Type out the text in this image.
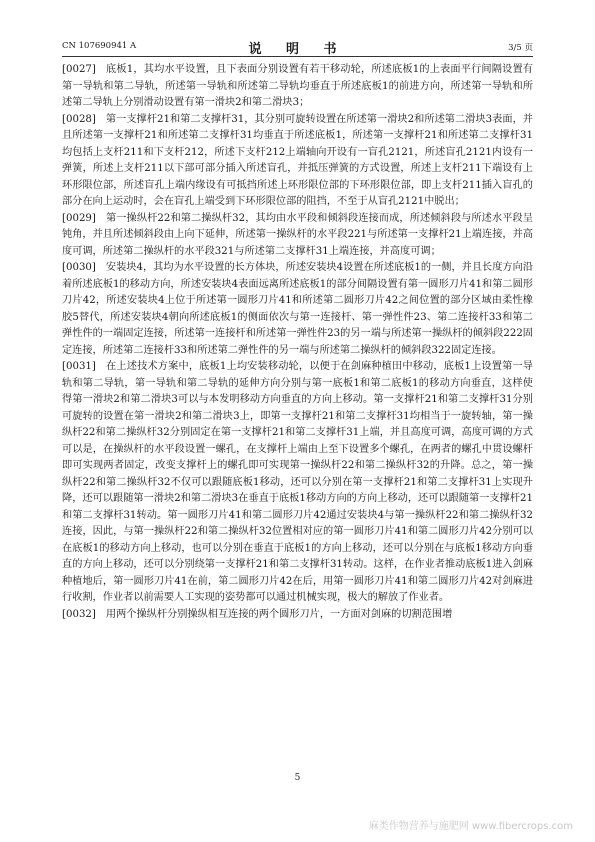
CN 107690941 A	说 明 书	3/5 页

[0027] 底板1，其均水平设置，且下表面分别设置有若干移动轮，所述底板1的上表面平行间隔设置有第一导轨和第二导轨，所述第一导轨和所述第二导轨均垂直于所述底板1的前进方向，所述第一导轨和所述第二导轨上分别滑动设置有第一滑块2和第二滑块3；

[0028] 第一支撑杆21和第二支撑杆31，其分别可旋转设置在所述第一滑块2和所述第二滑块3表面，并且所述第一支撑杆21和所述第二支撑杆31均垂直于所述底板1，所述第一支撑杆21和所述第二支撑杆31均包括上支杆211和下支杆212，所述下支杆212上端轴向开设有一盲孔2121，所述盲孔2121内设有一弹簧，所述上支杆211以下部可部分插入所述盲孔，并抵压弹簧的方式设置，所述上支杆211下端设有上环形限位部，所述盲孔上端内缘设有可抵挡所述上环形限位部的下环形限位部，即上支杆211插入盲孔的部分在向上运动时，会在盲孔上端受到下环形限位部的阻挡，不至于从盲孔2121中脱出；

[0029] 第一操纵杆22和第二操纵杆32，其均由水平段和倾斜段连接而成，所述倾斜段与所述水平段呈钝角，并且所述倾斜段由上向下延伸，所述第一操纵杆的水平段221与所述第一支撑杆21上端连接，并高度可调，所述第二操纵杆的水平段321与所述第二支撑杆31上端连接，并高度可调；

[0030] 安装块4，其均为水平设置的长方体块，所述安装块4设置在所述底板1的一侧，并且长度方向沿着所述底板1的移动方向，所述安装块4表面远离所述底板1的部分间隔设置有第一圆形刀片41和第二圆形刀片42，所述安装块4上位于所述第一圆形刀片41和所述第二圆形刀片42之间位置的部分区域由柔性橡胶5替代，所述安装块4朝向所述底板1的侧面依次与第一连接杆、第一弹性件23、第二连接杆33和第二弹性件的一端固定连接，所述第一连接杆和所述第一弹性件23的另一端与所述第一操纵杆的倾斜段222固定连接，所述第二连接杆33和所述第二弹性件的另一端与所述第二操纵杆的倾斜段322固定连接。

[0031] 在上述技术方案中，底板1上均安装移动轮，以便于在剑麻种植田中移动，底板1上设置第一导轨和第二导轨，第一导轨和第二导轨的延伸方向分别与第一底板1和第二底板1的移动方向垂直，这样使得第一滑块2和第二滑块3可以与本发明移动方向垂直的方向上移动。第一支撑杆21和第二支撑杆31分别可旋转的设置在第一滑块2和第二滑块3上，即第一支撑杆21和第二支撑杆31均相当于一旋转轴，第一操纵杆22和第二操纵杆32分别固定在第一支撑杆21和第二支撑杆31上端，并且高度可调，高度可调的方式可以是，在操纵杆的水平段设置一螺孔，在支撑杆上端由上至下设置多个螺孔，在两者的螺孔中贯设螺杆即可实现两者固定，改变支撑杆上的螺孔即可实现第一操纵杆22和第二操纵杆32的升降。总之，第一操纵杆22和第二操纵杆32不仅可以跟随底板1移动，还可以分别在第一支撑杆21和第二支撑杆31上实现升降，还可以跟随第一滑块2和第二滑块3在垂直于底板1移动方向的方向上移动，还可以跟随第一支撑杆21和第二支撑杆31转动。第一圆形刀片41和第二圆形刀片42通过安装块4与第一操纵杆22和第二操纵杆32连接，因此，与第一操纵杆22和第二操纵杆32位置相对应的第一圆形刀片41和第二圆形刀片42分别可以在底板1的移动方向上移动，也可以分别在垂直于底板1的方向上移动，还可以分别在与底板1移动方向垂直的方向上移动，还可以分别绕第一支撑杆21和第二支撑杆31转动。这样，在作业者推动底板1进入剑麻种植地后，第一圆形刀片41在前，第二圆形刀片42在后，用第一圆形刀片41和第二圆形刀片42对剑麻进行收割，作业者以前需要人工实现的姿势都可以通过机械实现，极大的解放了作业者。

[0032] 用两个操纵杆分别操纵相互连接的两个圆形刀片，一方面对剑麻的切割范围增

5
麻类作物营养与施肥网 www.fibercrops.com
